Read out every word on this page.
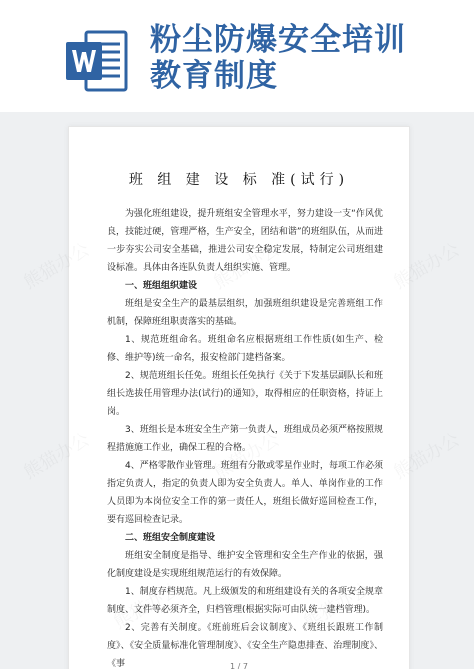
粉尘防爆安全培训
教育制度
班 组 建 设 标 准(试行)

为强化班组建设，提升班组安全管理水平，努力建设一支“作风优良，技能过硬，管理严格，生产安全，团结和谐”的班组队伍，从而进一步夯实公司安全基础，推进公司安全稳定发展，特制定公司班组建设标准。具体由各连队负责人组织实施、管理。

一、班组组织建设

班组是安全生产的最基层组织，加强班组织建设是完善班组工作机制，保障班组职责落实的基础。

1、规范班组命名。班组命名应根据班组工作性质(如生产、检修、维护等)统一命名，报安检部门建档备案。

2、规范班组长任免。班组长任免执行《关于下发基层副队长和班组长选拔任用管理办法(试行)的通知》，取得相应的任职资格，持证上岗。

3、班组长是本班安全生产第一负责人，班组成员必须严格按照规程措施施工作业，确保工程的合格。

4、严格零散作业管理。班组有分散或零星作业时，每项工作必须指定负责人，指定的负责人即为安全负责人。单人、单岗作业的工作人员即为本岗位安全工作的第一责任人，班组长做好巡回检查工作，要有巡回检查记录。

二、班组安全制度建设

班组安全制度是指导、维护安全管理和安全生产作业的依据，强化制度建设是实现班组规范运行的有效保障。

1、制度存档规范。凡上级颁发的和班组建设有关的各项安全规章制度、文件等必须齐全，归档管理(根据实际可由队统一建档管理)。

2、完善有关制度。《班前班后会议制度》、《班组长跟班工作制度》、《安全质量标准化管理制度》、《安全生产隐患排查、治理制度》、《事	1 / 7
